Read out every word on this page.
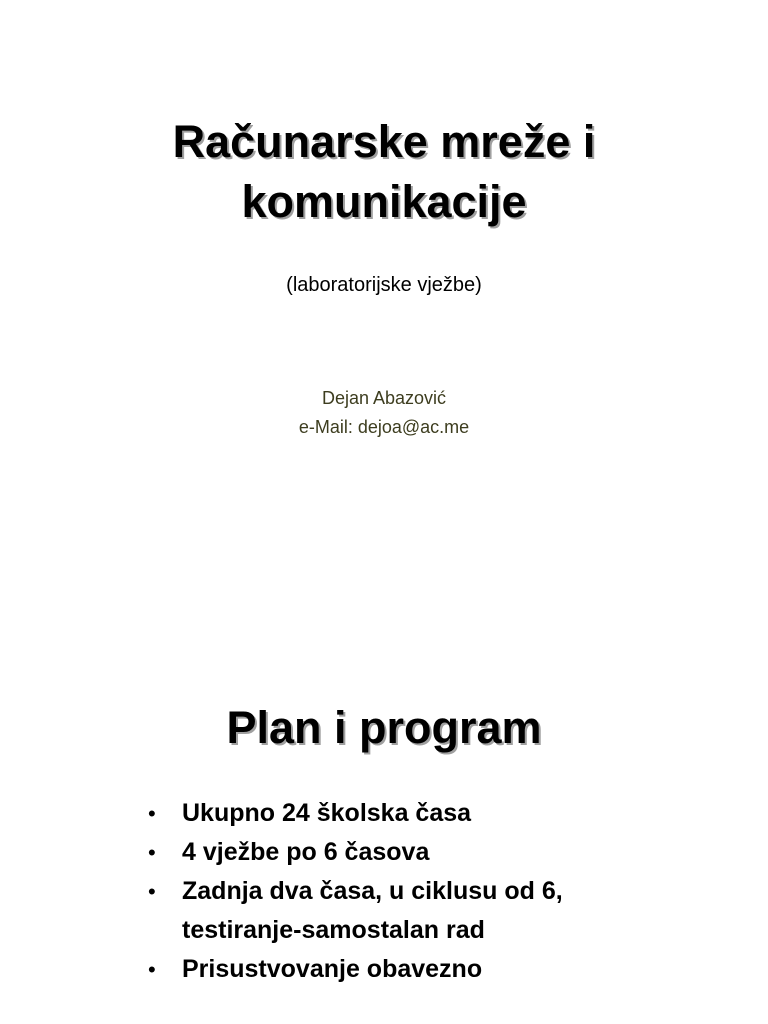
Računarske mreže i
komunikacije
(laboratorijske vježbe)
Dejan Abazović
e-Mail: dejoa@ac.me
Plan i program
• Ukupno 24 školska časa
• 4 vježbe po 6 časova
• Zadnja dva časa, u ciklusu od 6,
testiranje-samostalan rad
• Prisustvovanje obavezno
